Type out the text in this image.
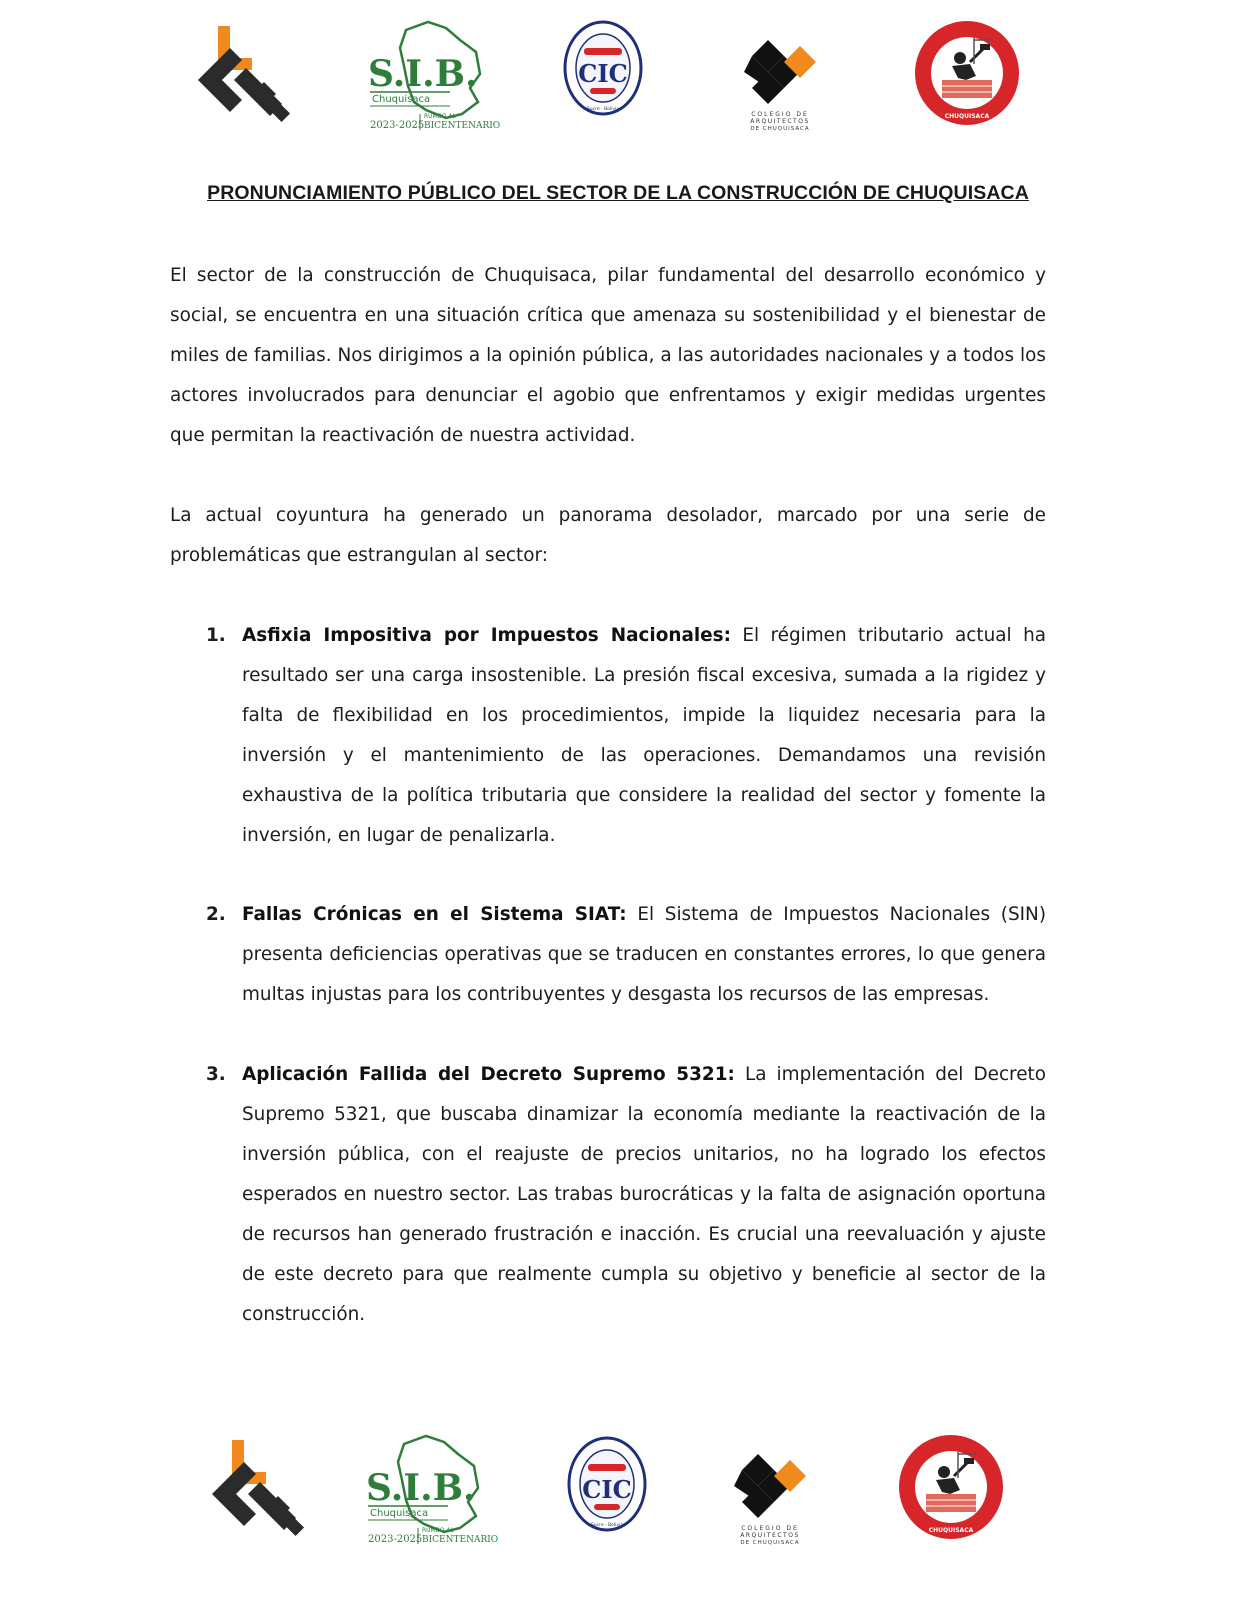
S.I.B.
Chuquisaca
2023-2025
RUMBO AL
BICENTENARIO
CIC
Sucre - Bolivia
COLEGIO DE
ARQUITECTOS
DE CHUQUISACA
CHUQUISACA
PRONUNCIAMIENTO PÚBLICO DEL SECTOR DE LA CONSTRUCCIÓN DE CHUQUISACA

El sector de la construcción de Chuquisaca, pilar fundamental del desarrollo económico y social, se encuentra en una situación crítica que amenaza su sostenibilidad y el bienestar de miles de familias. Nos dirigimos a la opinión pública, a las autoridades nacionales y a todos los actores involucrados para denunciar el agobio que enfrentamos y exigir medidas urgentes que permitan la reactivación de nuestra actividad.

La actual coyuntura ha generado un panorama desolador, marcado por una serie de problemáticas que estrangulan al sector:

1. Asfixia Impositiva por Impuestos Nacionales: El régimen tributario actual ha resultado ser una carga insostenible. La presión fiscal excesiva, sumada a la rigidez y falta de flexibilidad en los procedimientos, impide la liquidez necesaria para la inversión y el mantenimiento de las operaciones. Demandamos una revisión exhaustiva de la política tributaria que considere la realidad del sector y fomente la inversión, en lugar de penalizarla.

2. Fallas Crónicas en el Sistema SIAT: El Sistema de Impuestos Nacionales (SIN) presenta deficiencias operativas que se traducen en constantes errores, lo que genera multas injustas para los contribuyentes y desgasta los recursos de las empresas.

3. Aplicación Fallida del Decreto Supremo 5321: La implementación del Decreto Supremo 5321, que buscaba dinamizar la economía mediante la reactivación de la inversión pública, con el reajuste de precios unitarios, no ha logrado los efectos esperados en nuestro sector. Las trabas burocráticas y la falta de asignación oportuna de recursos han generado frustración e inacción. Es crucial una reevaluación y ajuste de este decreto para que realmente cumpla su objetivo y beneficie al sector de la construcción.

S.I.B.
Chuquisaca
2023-2025
RUMBO AL
BICENTENARIO
CIC
Sucre - Bolivia	COLEGIO DE
ARQUITECTOS
DE CHUQUISACA
CHUQUISACA
